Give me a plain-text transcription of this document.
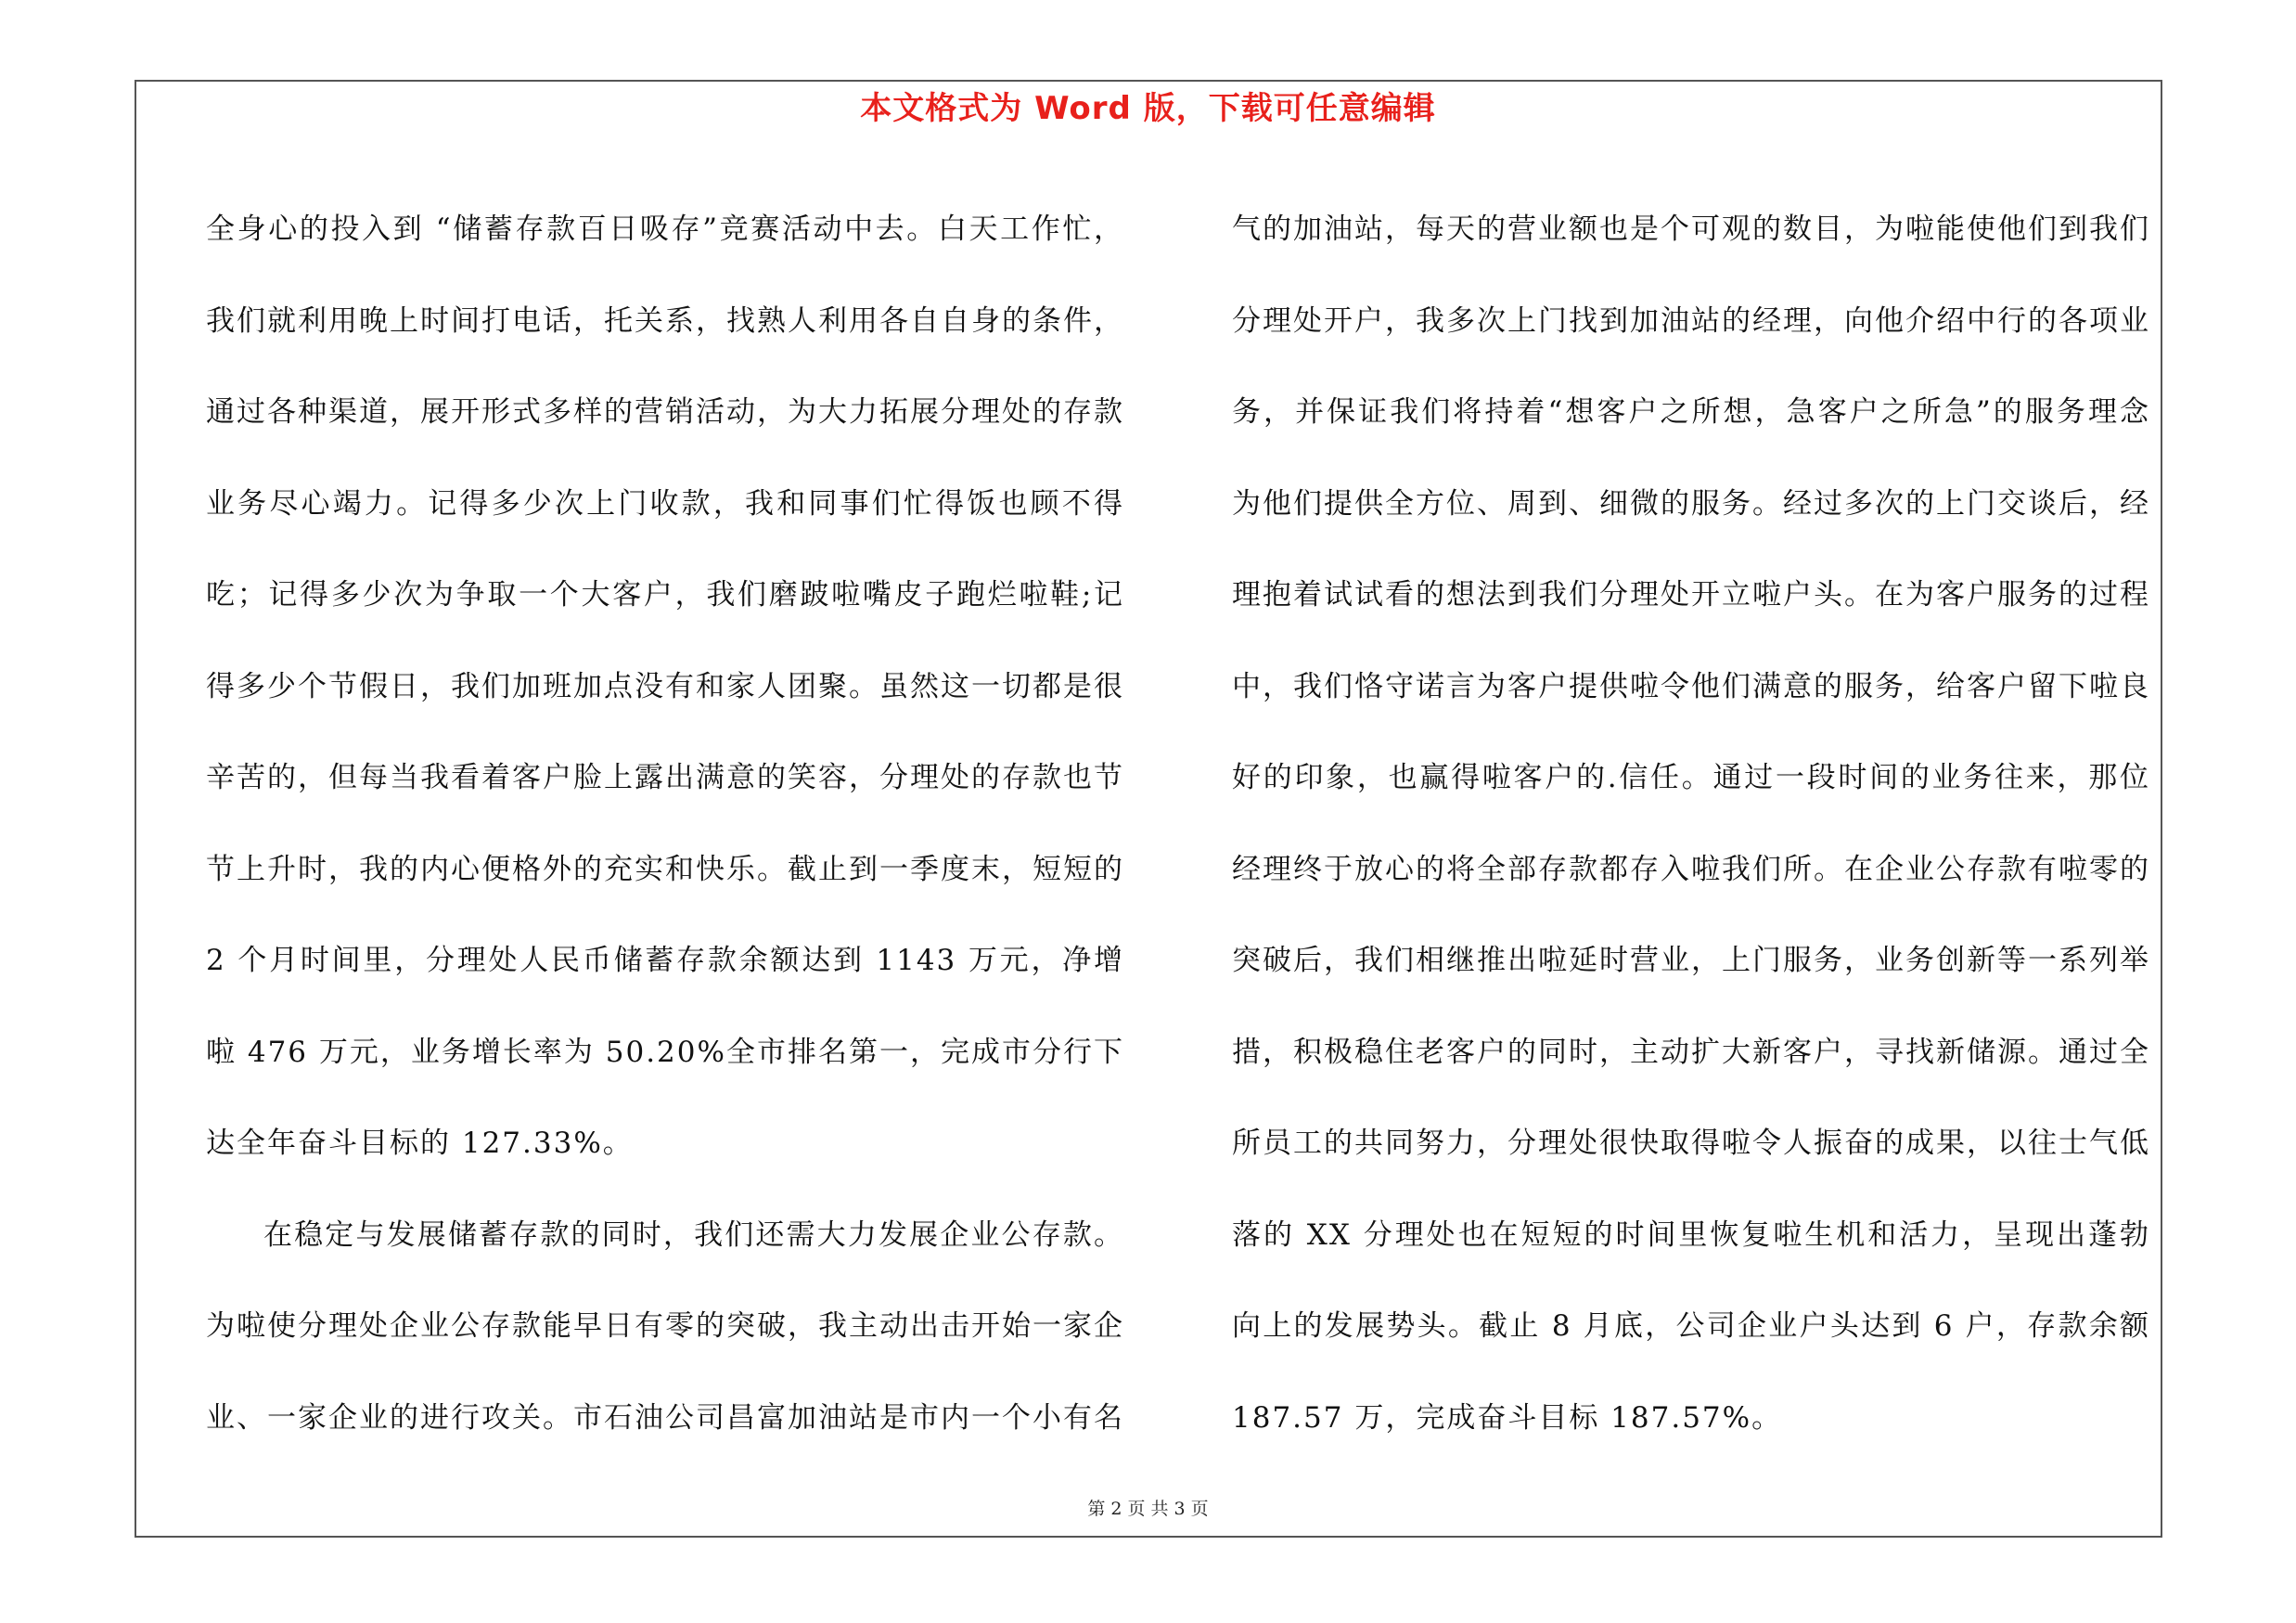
本文格式为 Word 版，下载可任意编辑

全身心的投入到 “储蓄存款百日吸存”竞赛活动中去。白天工作忙，我们就利用晚上时间打电话，托关系，找熟人利用各自自身的条件，通过各种渠道，展开形式多样的营销活动，为大力拓展分理处的存款业务尽心竭力。记得多少次上门收款，我和同事们忙得饭也顾不得吃；记得多少次为争取一个大客户，我们磨跛啦嘴皮子跑烂啦鞋;记得多少个节假日，我们加班加点没有和家人团聚。虽然这一切都是很辛苦的，但每当我看着客户脸上露出满意的笑容，分理处的存款也节节上升时，我的内心便格外的充实和快乐。截止到一季度末，短短的 2 个月时间里，分理处人民币储蓄存款余额达到 1143 万元，净增啦 476 万元，业务增长率为 50.20%全市排名第一，完成市分行下达全年奋斗目标的 127.33%。

在稳定与发展储蓄存款的同时，我们还需大力发展企业公存款。为啦使分理处企业公存款能早日有零的突破，我主动出击开始一家企业、一家企业的进行攻关。市石油公司昌富加油站是市内一个小有名

气的加油站，每天的营业额也是个可观的数目，为啦能使他们到我们分理处开户，我多次上门找到加油站的经理，向他介绍中行的各项业务，并保证我们将持着“想客户之所想，急客户之所急”的服务理念为他们提供全方位、周到、细微的服务。经过多次的上门交谈后，经理抱着试试看的想法到我们分理处开立啦户头。在为客户服务的过程中，我们恪守诺言为客户提供啦令他们满意的服务，给客户留下啦良好的印象，也赢得啦客户的.信任。通过一段时间的业务往来，那位经理终于放心的将全部存款都存入啦我们所。在企业公存款有啦零的突破后，我们相继推出啦延时营业，上门服务，业务创新等一系列举措，积极稳住老客户的同时，主动扩大新客户，寻找新储源。通过全所员工的共同努力，分理处很快取得啦令人振奋的成果，以往士气低落的 XX 分理处也在短短的时间里恢复啦生机和活力，呈现出蓬勃向上的发展势头。截止 8 月底，公司企业户头达到 6 户，存款余额 187.57 万，完成奋斗目标 187.57%。

第 2 页 共 3 页
